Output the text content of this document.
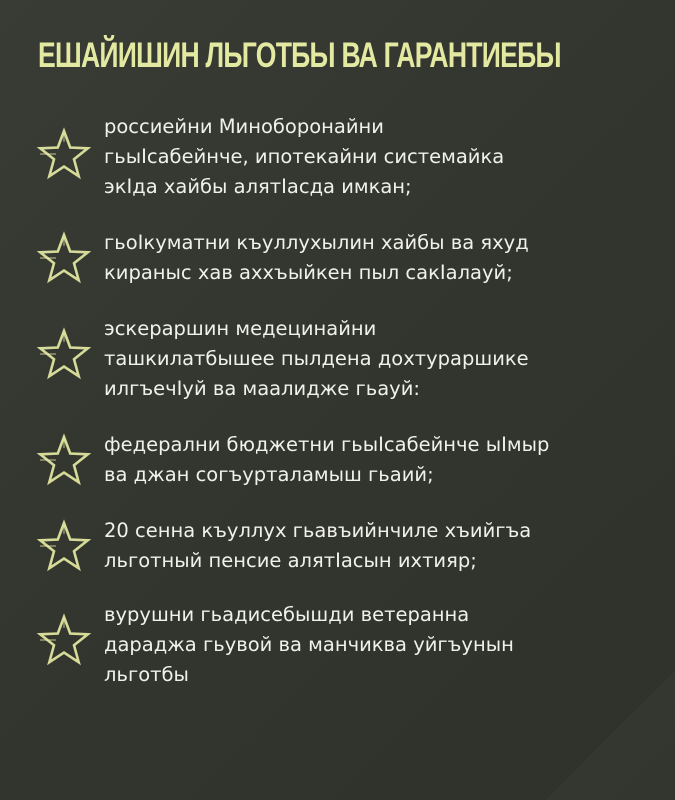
ЕШАЙИШИН ЛЬГОТБЫ ВА ГАРАНТИЕБЫ
россиейни Миноборонайни
гьыIсабейнче, ипотекайни системайка
экIда хайбы алятIасда имкан;
гьоIкуматни къуллухылин хайбы ва яхуд
кираныс хав аххъыйкен пыл сакIалауй;
эскераршин медецинайни
ташкилатбышее пылдена дохтураршике
илгъечIуй ва маалидже гьауй:
федерални бюджетни гьыIсабейнче ыIмыр
ва джан согъурталамыш гьаий;
20 сенна къуллух гьавъийнчиле хъийгъа
льготный пенсие алятIасын ихтияр;
вурушни гьадисебышди ветеранна
дараджа гьувой ва манчиква уйгъунын
льготбы
